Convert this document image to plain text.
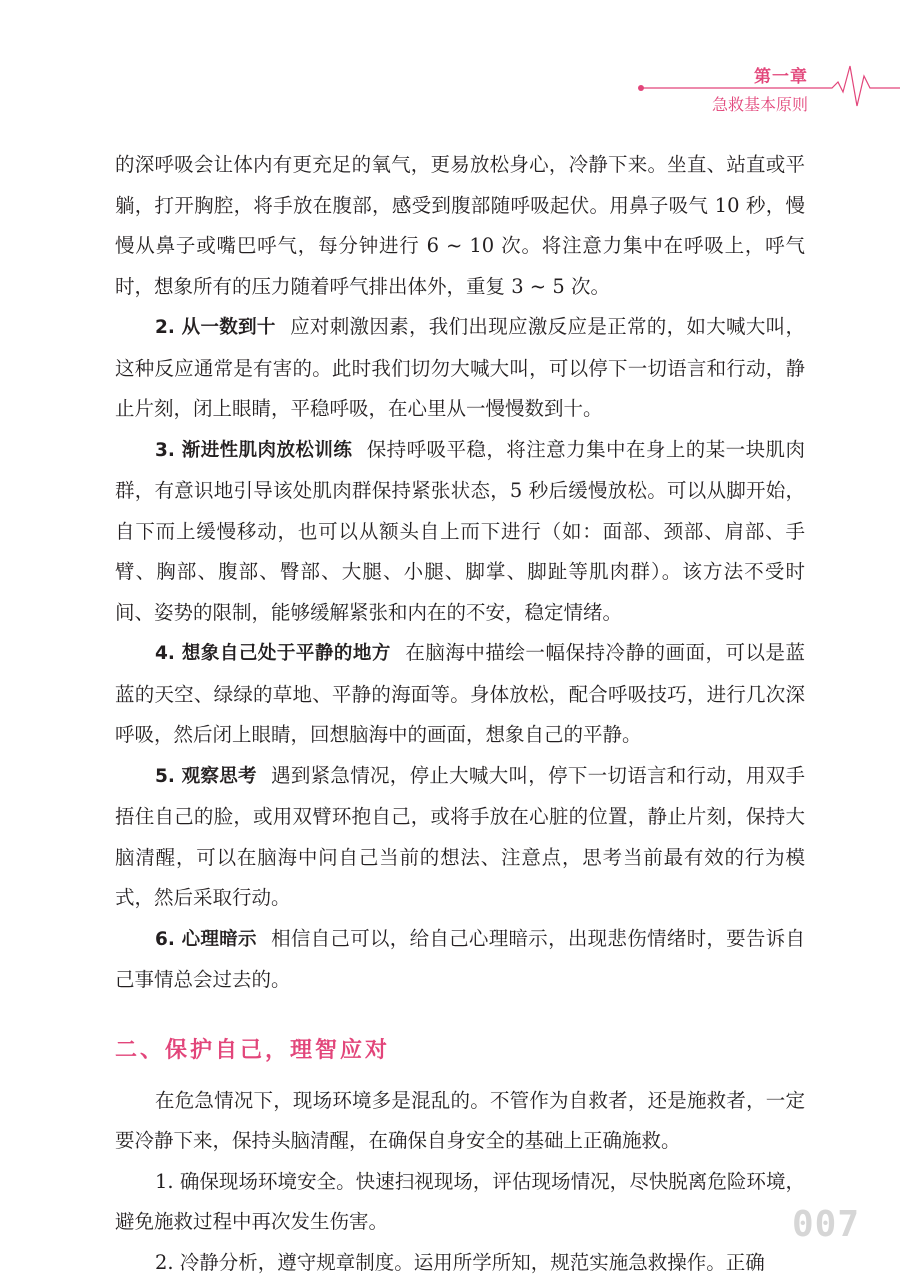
第一章
急救基本原则

的深呼吸会让体内有更充足的氧气，更易放松身心，冷静下来。坐直、站直或平躺，打开胸腔，将手放在腹部，感受到腹部随呼吸起伏。用鼻子吸气 10 秒，慢慢从鼻子或嘴巴呼气，每分钟进行 6 ~ 10 次。将注意力集中在呼吸上，呼气时，想象所有的压力随着呼气排出体外，重复 3 ~ 5 次。

2. 从一数到十 应对刺激因素，我们出现应激反应是正常的，如大喊大叫，这种反应通常是有害的。此时我们切勿大喊大叫，可以停下一切语言和行动，静止片刻，闭上眼睛，平稳呼吸，在心里从一慢慢数到十。

3. 渐进性肌肉放松训练 保持呼吸平稳，将注意力集中在身上的某一块肌肉群，有意识地引导该处肌肉群保持紧张状态，5 秒后缓慢放松。可以从脚开始，自下而上缓慢移动，也可以从额头自上而下进行（如：面部、颈部、肩部、手臂、胸部、腹部、臀部、大腿、小腿、脚掌、脚趾等肌肉群）。该方法不受时间、姿势的限制，能够缓解紧张和内在的不安，稳定情绪。

4. 想象自己处于平静的地方 在脑海中描绘一幅保持冷静的画面，可以是蓝蓝的天空、绿绿的草地、平静的海面等。身体放松，配合呼吸技巧，进行几次深呼吸，然后闭上眼睛，回想脑海中的画面，想象自己的平静。

5. 观察思考 遇到紧急情况，停止大喊大叫，停下一切语言和行动，用双手捂住自己的脸，或用双臂环抱自己，或将手放在心脏的位置，静止片刻，保持大脑清醒，可以在脑海中问自己当前的想法、注意点，思考当前最有效的行为模式，然后采取行动。

6. 心理暗示 相信自己可以，给自己心理暗示，出现悲伤情绪时，要告诉自己事情总会过去的。

二、保护自己，理智应对

在危急情况下，现场环境多是混乱的。不管作为自救者，还是施救者，一定要冷静下来，保持头脑清醒，在确保自身安全的基础上正确施救。

1. 确保现场环境安全。快速扫视现场，评估现场情况，尽快脱离危险环境，避免施救过程中再次发生伤害。

2. 冷静分析，遵守规章制度。运用所学所知，规范实施急救操作。正确

007
